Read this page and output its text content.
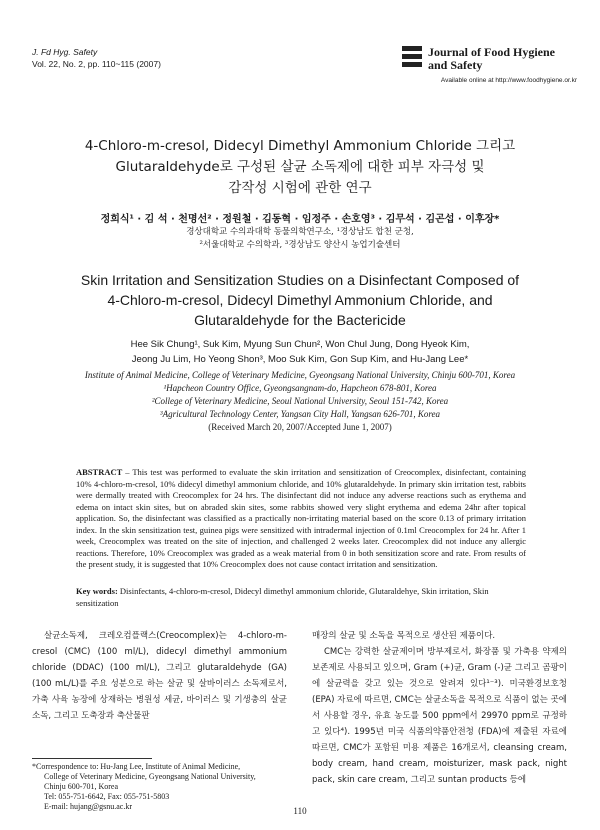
J. Fd Hyg. Safety
Vol. 22, No. 2, pp. 110~115 (2007)
Journal of Food Hygiene
and Safety
Available online at http://www.foodhygiene.or.kr
4-Chloro-m-cresol, Didecyl Dimethyl Ammonium Chloride 그리고
Glutaraldehyde로 구성된 살균 소독제에 대한 피부 자극성 및
감작성 시험에 관한 연구
정희식¹ · 김 석 · 천명선² · 정원철 · 김동혁 · 임정주 · 손호영³ · 김무석 · 김곤섭 · 이후장*
경상대학교 수의과대학 동물의학연구소, ¹경상남도 합천 군청,
²서울대학교 수의학과, ³경상남도 양산시 농업기술센터
Skin Irritation and Sensitization Studies on a Disinfectant Composed of
4-Chloro-m-cresol, Didecyl Dimethyl Ammonium Chloride, and
Glutaraldehyde for the Bactericide
Hee Sik Chung¹, Suk Kim, Myung Sun Chun², Won Chul Jung, Dong Hyeok Kim,
Jeong Ju Lim, Ho Yeong Shon³, Moo Suk Kim, Gon Sup Kim, and Hu-Jang Lee*
Institute of Animal Medicine, College of Veterinary Medicine, Gyeongsang National University, Chinju 600-701, Korea
¹Hapcheon Country Office, Gyeongsangnam-do, Hapcheon 678-801, Korea
²College of Veterinary Medicine, Seoul National University, Seoul 151-742, Korea
³Agricultural Technology Center, Yangsan City Hall, Yangsan 626-701, Korea
(Received March 20, 2007/Accepted June 1, 2007)
ABSTRACT – This test was performed to evaluate the skin irritation and sensitization of Creocomplex, disinfectant, containing 10% 4-chloro-m-cresol, 10% didecyl dimethyl ammonium chloride, and 10% glutaraldehyde. In primary skin irritation test, rabbits were dermally treated with Creocomplex for 24 hrs. The disinfectant did not induce any adverse reactions such as erythema and edema on intact skin sites, but on abraded skin sites, some rabbits showed very slight erythema and edema 24hr after topical application. So, the disinfectant was classified as a practically non-irritating material based on the score 0.13 of primary irritation index. In the skin sensitization test, guinea pigs were sensitized with intradermal injection of 0.1ml Creocomplex for 24 hr. After 1 week, Creocomplex was treated on the site of injection, and challenged 2 weeks later. Creocomplex did not induce any allergic reactions. Therefore, 10% Creocomplex was graded as a weak material from 0 in both sensitization score and rate. From results of the present study, it is suggested that 10% Creocomplex does not cause contact irritation and sensitization.
Key words: Disinfectants, 4-chloro-m-cresol, Didecyl dimethyl ammonium chloride, Glutaraldehye, Skin irritation, Skin sensitization
살균소독제, 크레오컴플랙스(Creocomplex)는 4-chloro-m-cresol (CMC) (100 ml/L), didecyl dimethyl ammonium chloride (DDAC) (100 ml/L), 그리고 glutaraldehyde (GA) (100 mL/L)를 주요 성분으로 하는 살균 및 살바이러스 소독제로서, 가축 사육 농장에 상재하는 병원성 세균, 바이러스 및 기생충의 살균 소독, 그리고 도축장과 축산물판
매장의 살균 및 소독을 목적으로 생산된 제품이다.
CMC는 강력한 살균제이며 방부제로서, 화장품 및 가축용 약제의 보존제로 사용되고 있으며, Gram (+)균, Gram (-)균 그리고 곰팡이에 살균력을 갖고 있는 것으로 알려져 있다¹⁻³). 미국환경보호청 (EPA) 자료에 따르면, CMC는 살균소독을 목적으로 식품이 없는 곳에서 사용할 경우, 유효 농도를 500 ppm에서 29970 ppm로 규정하고 있다⁴). 1995년 미국 식품의약품안전청 (FDA)에 제출된 자료에 따르면, CMC가 포함된 미용 제품은 16개로서, cleansing cream, body cream, hand cream, moisturizer, mask pack, night pack, skin care cream, 그리고 suntan products 등에
*Correspondence to: Hu-Jang Lee, Institute of Animal Medicine,
College of Veterinary Medicine, Gyeongsang National University,
Chinju 600-701, Korea
Tel: 055-751-6642, Fax: 055-751-5803
E-mail: hujang@gsnu.ac.kr	110
